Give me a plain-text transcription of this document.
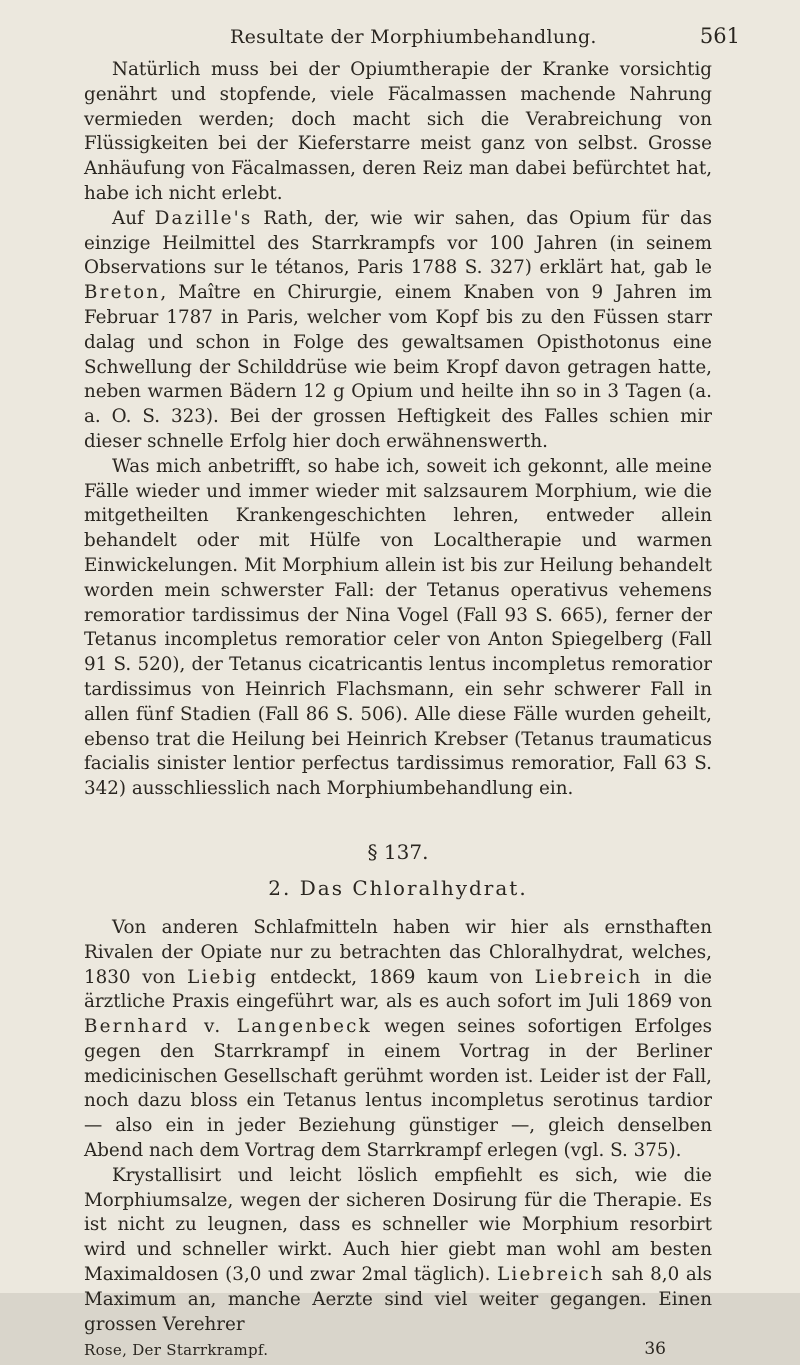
Resultate der Morphiumbehandlung.	561

Natürlich muss bei der Opiumtherapie der Kranke vorsichtig genährt und stopfende, viele Fäcalmassen machende Nahrung vermieden werden; doch macht sich die Verabreichung von Flüssigkeiten bei der Kieferstarre meist ganz von selbst. Grosse Anhäufung von Fäcalmassen, deren Reiz man dabei befürchtet hat, habe ich nicht erlebt.

Auf Dazille's Rath, der, wie wir sahen, das Opium für das einzige Heilmittel des Starrkrampfs vor 100 Jahren (in seinem Observations sur le tétanos, Paris 1788 S. 327) erklärt hat, gab le Breton, Maître en Chirurgie, einem Knaben von 9 Jahren im Februar 1787 in Paris, welcher vom Kopf bis zu den Füssen starr dalag und schon in Folge des gewaltsamen Opisthotonus eine Schwellung der Schilddrüse wie beim Kropf davon getragen hatte, neben warmen Bädern 12 g Opium und heilte ihn so in 3 Tagen (a. a. O. S. 323). Bei der grossen Heftigkeit des Falles schien mir dieser schnelle Erfolg hier doch erwähnenswerth.

Was mich anbetrifft, so habe ich, soweit ich gekonnt, alle meine Fälle wieder und immer wieder mit salzsaurem Morphium, wie die mitgetheilten Krankengeschichten lehren, entweder allein behandelt oder mit Hülfe von Localtherapie und warmen Einwickelungen. Mit Morphium allein ist bis zur Heilung behandelt worden mein schwerster Fall: der Tetanus operativus vehemens remoratior tardissimus der Nina Vogel (Fall 93 S. 665), ferner der Tetanus incompletus remoratior celer von Anton Spiegelberg (Fall 91 S. 520), der Tetanus cicatricantis lentus incompletus remoratior tardissimus von Heinrich Flachsmann, ein sehr schwerer Fall in allen fünf Stadien (Fall 86 S. 506). Alle diese Fälle wurden geheilt, ebenso trat die Heilung bei Heinrich Krebser (Tetanus traumaticus facialis sinister lentior perfectus tardissimus remoratior, Fall 63 S. 342) ausschliesslich nach Morphiumbehandlung ein.

§ 137.
2. Das Chloralhydrat.

Von anderen Schlafmitteln haben wir hier als ernsthaften Rivalen der Opiate nur zu betrachten das Chloralhydrat, welches, 1830 von Liebig entdeckt, 1869 kaum von Liebreich in die ärztliche Praxis eingeführt war, als es auch sofort im Juli 1869 von Bernhard v. Langenbeck wegen seines sofortigen Erfolges gegen den Starrkrampf in einem Vortrag in der Berliner medicinischen Gesellschaft gerühmt worden ist. Leider ist der Fall, noch dazu bloss ein Tetanus lentus incompletus serotinus tardior — also ein in jeder Beziehung günstiger —, gleich denselben Abend nach dem Vortrag dem Starrkrampf erlegen (vgl. S. 375).

Krystallisirt und leicht löslich empfiehlt es sich, wie die Morphiumsalze, wegen der sicheren Dosirung für die Therapie. Es ist nicht zu leugnen, dass es schneller wie Morphium resorbirt wird und schneller wirkt. Auch hier giebt man wohl am besten Maximaldosen (3,0 und zwar 2mal täglich). Liebreich sah 8,0 als Maximum an, manche Aerzte sind viel weiter gegangen. Einen grossen Verehrer

Rose, Der Starrkrampf.	36
